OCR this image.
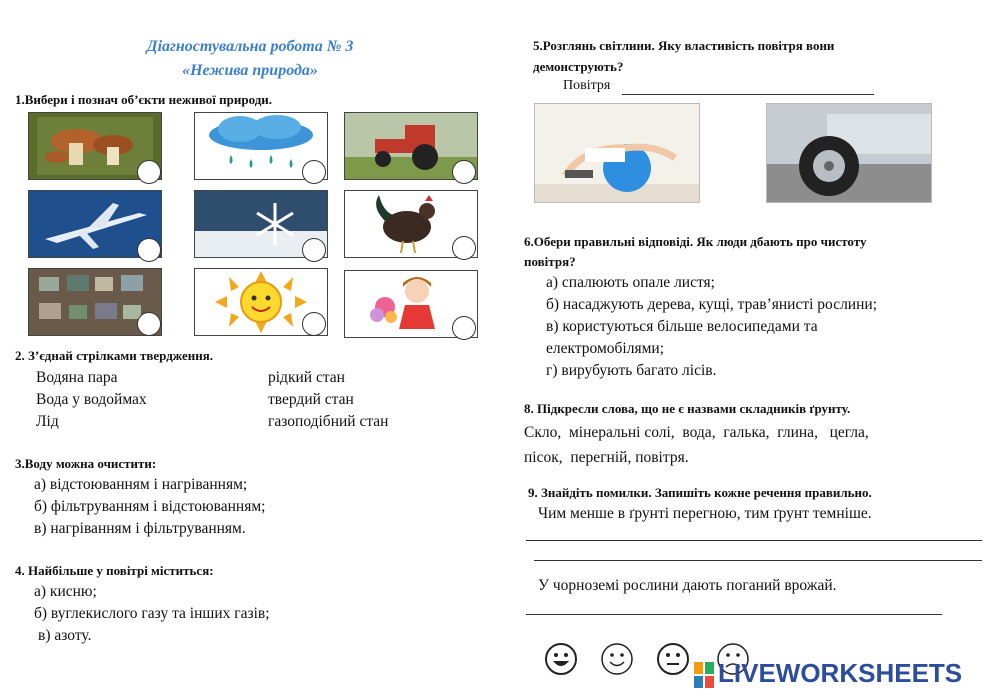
Діагностувальна робота № 3
«Нежива природа»
1.Вибери і познач об’єкти неживої природи.
2. З’єднай стрілками твердження.
Водяна пара
Вода у водоймах
Лід
рідкий стан
твердий стан
газоподібний стан
3.Воду можна очистити:
а) відстоюванням і нагріванням;
б) фільтруванням і відстоюванням;
в) нагріванням і фільтруванням.
4. Найбільше у повітрі міститься:
а) кисню;
б) вуглекислого газу та інших газів;
в) азоту.
5.Розглянь світлини. Яку властивість повітря вони
демонструють?
Повітря
6.Обери правильні відповіді. Як люди дбають про чистоту
повітря?
а) спалюють опале листя;
б) насаджують дерева, кущі, трав’янисті рослини;
в) користуються більше велосипедами та
електромобілями;
г) вирубують багато лісів.
8. Підкресли слова, що не є назвами складників ґрунту.
Скло,  мінеральні солі,  вода,  галька,  глина,   цегла,
пісок,  перегній, повітря.
9. Знайдіть помилки. Запишіть кожне речення правильно.
Чим менше в ґрунті перегною, тим ґрунт темніше.
У чорноземі рослини дають поганий врожай.
LIVEWORKSHEETS
